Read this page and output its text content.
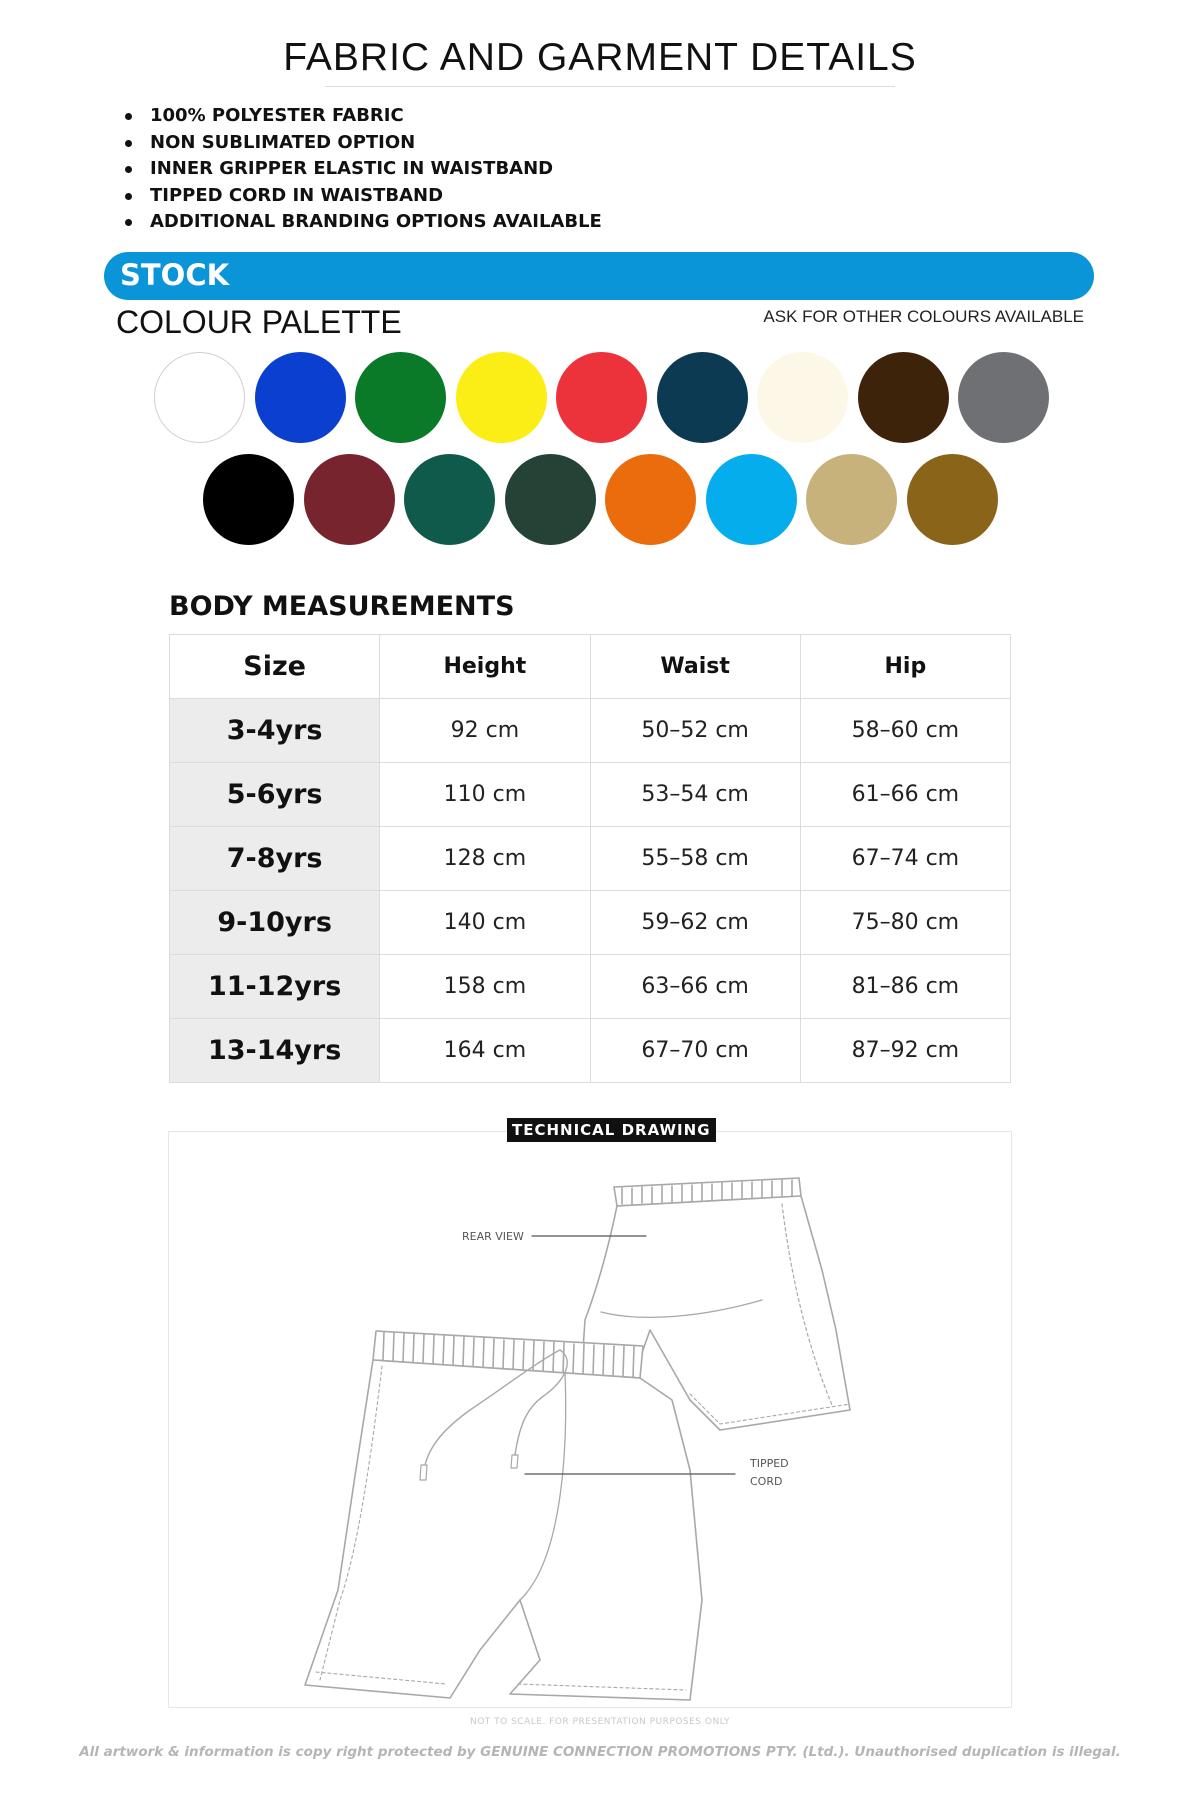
FABRIC AND GARMENT DETAILS
100% POLYESTER FABRIC
NON SUBLIMATED OPTION
INNER GRIPPER ELASTIC IN WAISTBAND
TIPPED CORD IN WAISTBAND
ADDITIONAL BRANDING OPTIONS AVAILABLE
STOCK
COLOUR PALETTE	ASK FOR OTHER COLOURS AVAILABLE
BODY MEASUREMENTS
Size	Height	Waist	Hip
3-4yrs	92 cm	50–52 cm	58–60 cm
5-6yrs	110 cm	53–54 cm	61–66 cm
7-8yrs	128 cm	55–58 cm	67–74 cm
9-10yrs	140 cm	59–62 cm	75–80 cm
11-12yrs	158 cm	63–66 cm	81–86 cm
13-14yrs	164 cm	67–70 cm	87–92 cm
TECHNICAL DRAWING
REAR VIEW
TIPPED
CORD
NOT TO SCALE. FOR PRESENTATION PURPOSES ONLY
All artwork & information is copy right protected by GENUINE CONNECTION PROMOTIONS PTY. (Ltd.). Unauthorised duplication is illegal.
